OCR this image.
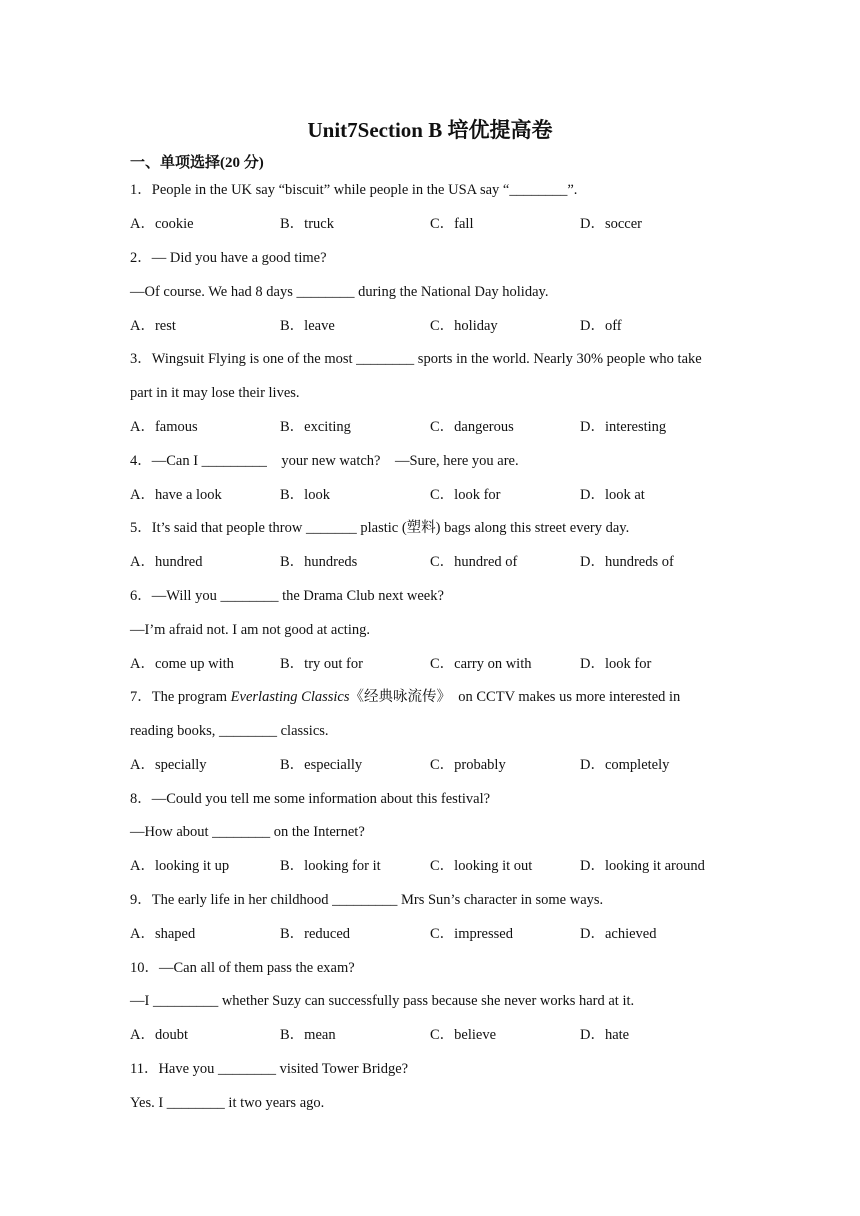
Unit7Section B 培优提高卷
一、单项选择(20 分)
1．People in the UK say “biscuit” while people in the USA say “________”.
A．cookie	B．truck	C．fall	D．soccer
2．— Did you have a good time?
—Of course. We had 8 days ________ during the National Day holiday.
A．rest	B．leave	C．holiday	D．off
3．Wingsuit Flying is one of the most ________ sports in the world. Nearly 30% people who take
part in it may lose their lives.
A．famous	B．exciting	C．dangerous	D．interesting
4．—Can I _________    your new watch?    —Sure, here you are.
A．have a look	B．look	C．look for	D．look at
5．It’s said that people throw _______ plastic (塑料) bags along this street every day.
A．hundred	B．hundreds	C．hundred of	D．hundreds of
6．—Will you ________ the Drama Club next week?
—I’m afraid not. I am not good at acting.
A．come up with	B．try out for	C．carry on with	D．look for
7．The program Everlasting Classics《经典咏流传》  on CCTV makes us more interested in
reading books, ________ classics.
A．specially	B．especially	C．probably	D．completely
8．—Could you tell me some information about this festival?
—How about ________ on the Internet?
A．looking it up	B．looking for it	C．looking it out	D．looking it around
9．The early life in her childhood _________ Mrs Sun’s character in some ways.
A．shaped	B．reduced	C．impressed	D．achieved
10．—Can all of them pass the exam?
—I _________ whether Suzy can successfully pass because she never works hard at it.
A．doubt	B．mean	C．believe	D．hate
11．Have you ________ visited Tower Bridge?
Yes. I ________ it two years ago.
